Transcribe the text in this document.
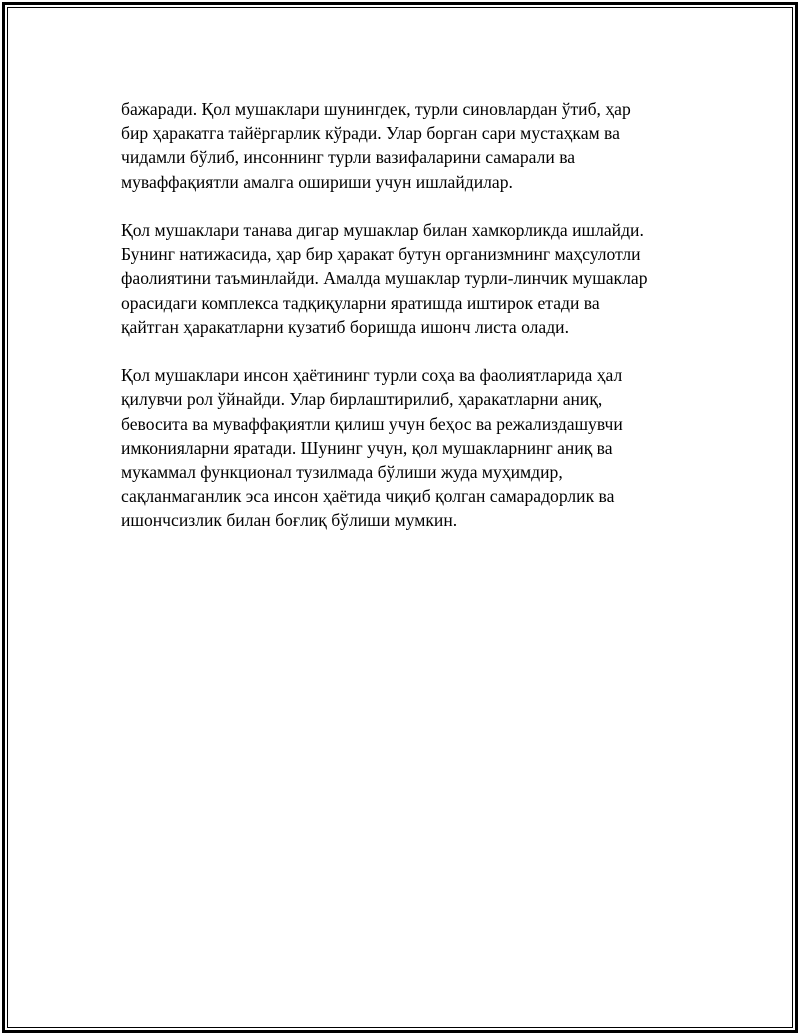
бажаради. Қол мушаклари шунингдек, турли синовлардан ўтиб, ҳар
бир ҳаракатга тайёргарлик кўради. Улар борган сари мустаҳкам ва
чидамли бўлиб, инсоннинг турли вазифаларини самарали ва
муваффақиятли амалга ошириши учун ишлайдилар.

Қол мушаклари танава дигар мушаклар билан хамкорликда ишлайди.
Бунинг натижасида, ҳар бир ҳаракат бутун организмнинг маҳсулотли
фаолиятини таъминлайди. Амалда мушаклар турли-линчик мушаклар
орасидаги комплекса тадқиқуларни яратишда иштирок етади ва
қайтган ҳаракатларни кузатиб боришда ишонч листа олади.

Қол мушаклари инсон ҳаётининг турли соҳа ва фаолиятларида ҳал
қилувчи рол ўйнайди. Улар бирлаштирилиб, ҳаракатларни аниқ,
бевосита ва муваффақиятли қилиш учун беҳос ва режализдашувчи
имконияларни яратади. Шунинг учун, қол мушакларнинг аниқ ва
мукаммал функционал тузилмада бўлиши жуда муҳимдир,
сақланмаганлик эса инсон ҳаётида чиқиб қолган самарадорлик ва
ишончсизлик билан боғлиқ бўлиши мумкин.
